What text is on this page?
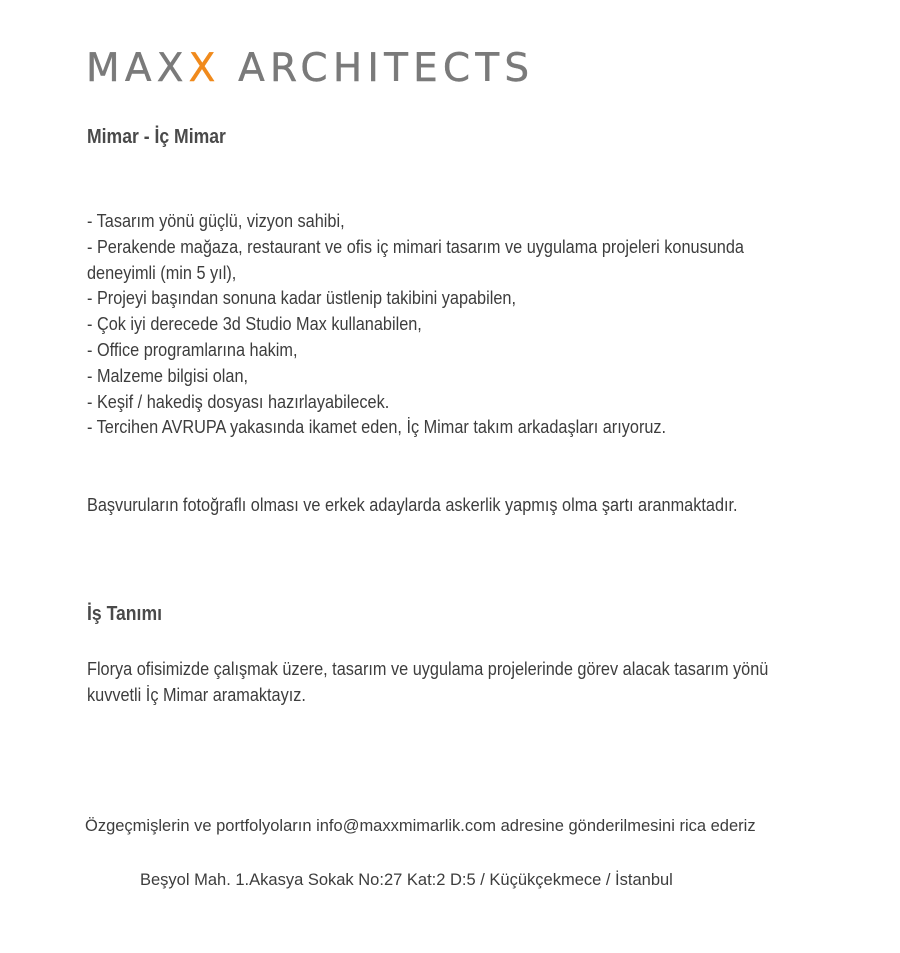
MAXX ARCHITECTS
Mimar - İç Mimar
- Tasarım yönü güçlü, vizyon sahibi,
- Perakende mağaza, restaurant ve ofis iç mimari tasarım ve uygulama projeleri konusunda
deneyimli (min 5 yıl),
- Projeyi başından sonuna kadar üstlenip takibini yapabilen,
- Çok iyi derecede 3d Studio Max kullanabilen,
- Office programlarına hakim,
- Malzeme bilgisi olan,
- Keşif / hakediş dosyası hazırlayabilecek.
- Tercihen AVRUPA yakasında ikamet eden, İç Mimar takım arkadaşları arıyoruz.
Başvuruların fotoğraflı olması ve erkek adaylarda askerlik yapmış olma şartı aranmaktadır.
İş Tanımı
Florya ofisimizde çalışmak üzere, tasarım ve uygulama projelerinde görev alacak tasarım yönü
kuvvetli İç Mimar aramaktayız.
Özgeçmişlerin ve portfolyoların info@maxxmimarlik.com adresine gönderilmesini rica ederiz
Beşyol Mah. 1.Akasya Sokak No:27 Kat:2 D:5 / Küçükçekmece / İstanbul
